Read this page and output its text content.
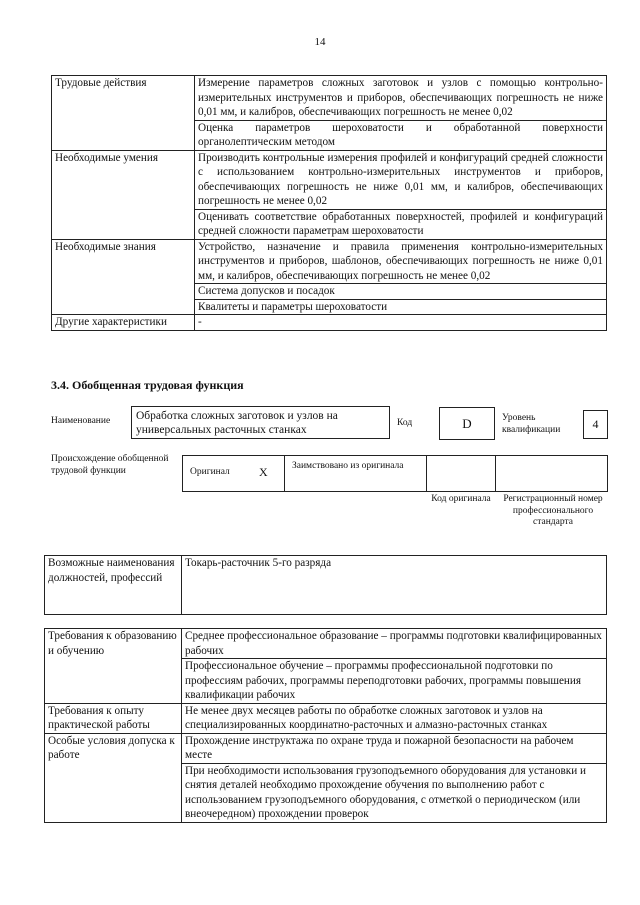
14
Трудовые действия	Измерение параметров сложных заготовок и узлов с помощью контрольно-измерительных инструментов и приборов, обеспечивающих погрешность не ниже 0,01 мм, и калибров, обеспечивающих погрешность не менее 0,02
	Оценка параметров шероховатости и обработанной поверхности органолептическим методом
Необходимые умения	Производить контрольные измерения профилей и конфигураций средней сложности с использованием контрольно-измерительных инструментов и приборов, обеспечивающих погрешность не ниже 0,01 мм, и калибров, обеспечивающих погрешность не менее 0,02
	Оценивать соответствие обработанных поверхностей, профилей и конфигураций средней сложности параметрам шероховатости
Необходимые знания	Устройство, назначение и правила применения контрольно-измерительных инструментов и приборов, шаблонов, обеспечивающих погрешность не ниже 0,01 мм, и калибров, обеспечивающих погрешность не менее 0,02
	Система допусков и посадок
	Квалитеты и параметры шероховатости
Другие характеристики	-
3.4. Обобщенная трудовая функция
Наименование	Обработка сложных заготовок и узлов на универсальных расточных станках
Код	D	Уровень квалификации	4
Происхождение обобщенной трудовой функции	Оригинал X	Заимствовано из оригинала
Код оригинала	Регистрационный номер профессионального стандарта
Возможные наименования должностей, профессий	Токарь-расточник 5-го разряда
Требования к образованию и обучению	Среднее профессиональное образование – программы подготовки квалифицированных рабочих
	Профессиональное обучение – программы профессиональной подготовки по профессиям рабочих, программы переподготовки рабочих, программы повышения квалификации рабочих
Требования к опыту практической работы	Не менее двух месяцев работы по обработке сложных заготовок и узлов на специализированных координатно-расточных и алмазно-расточных станках
Особые условия допуска к работе	Прохождение инструктажа по охране труда и пожарной безопасности на рабочем месте
	При необходимости использования грузоподъемного оборудования для установки и снятия деталей необходимо прохождение обучения по выполнению работ с использованием грузоподъемного оборудования, с отметкой о периодическом (или внеочередном) прохождении проверок
